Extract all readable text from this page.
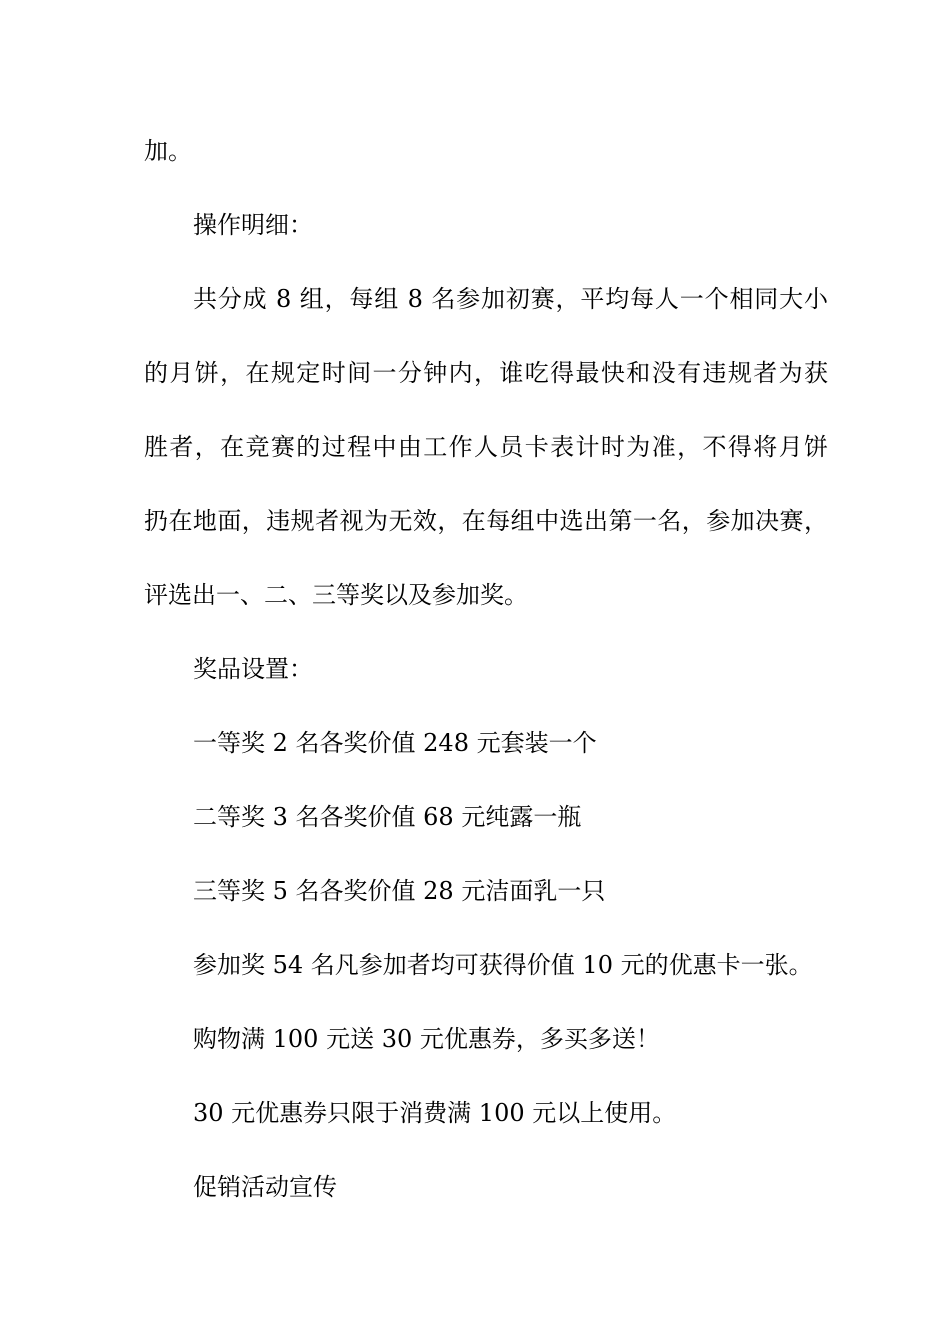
加。

操作明细：

共分成 8 组，每组 8 名参加初赛，平均每人一个相同大小

的月饼，在规定时间一分钟内，谁吃得最快和没有违规者为获

胜者，在竞赛的过程中由工作人员卡表计时为准，不得将月饼

扔在地面，违规者视为无效，在每组中选出第一名，参加决赛，

评选出一、二、三等奖以及参加奖。

奖品设置：

一等奖 2 名各奖价值 248 元套装一个

二等奖 3 名各奖价值 68 元纯露一瓶

三等奖 5 名各奖价值 28 元洁面乳一只

参加奖 54 名凡参加者均可获得价值 10 元的优惠卡一张。

购物满 100 元送 30 元优惠券，多买多送！

30 元优惠券只限于消费满 100 元以上使用。

促销活动宣传
